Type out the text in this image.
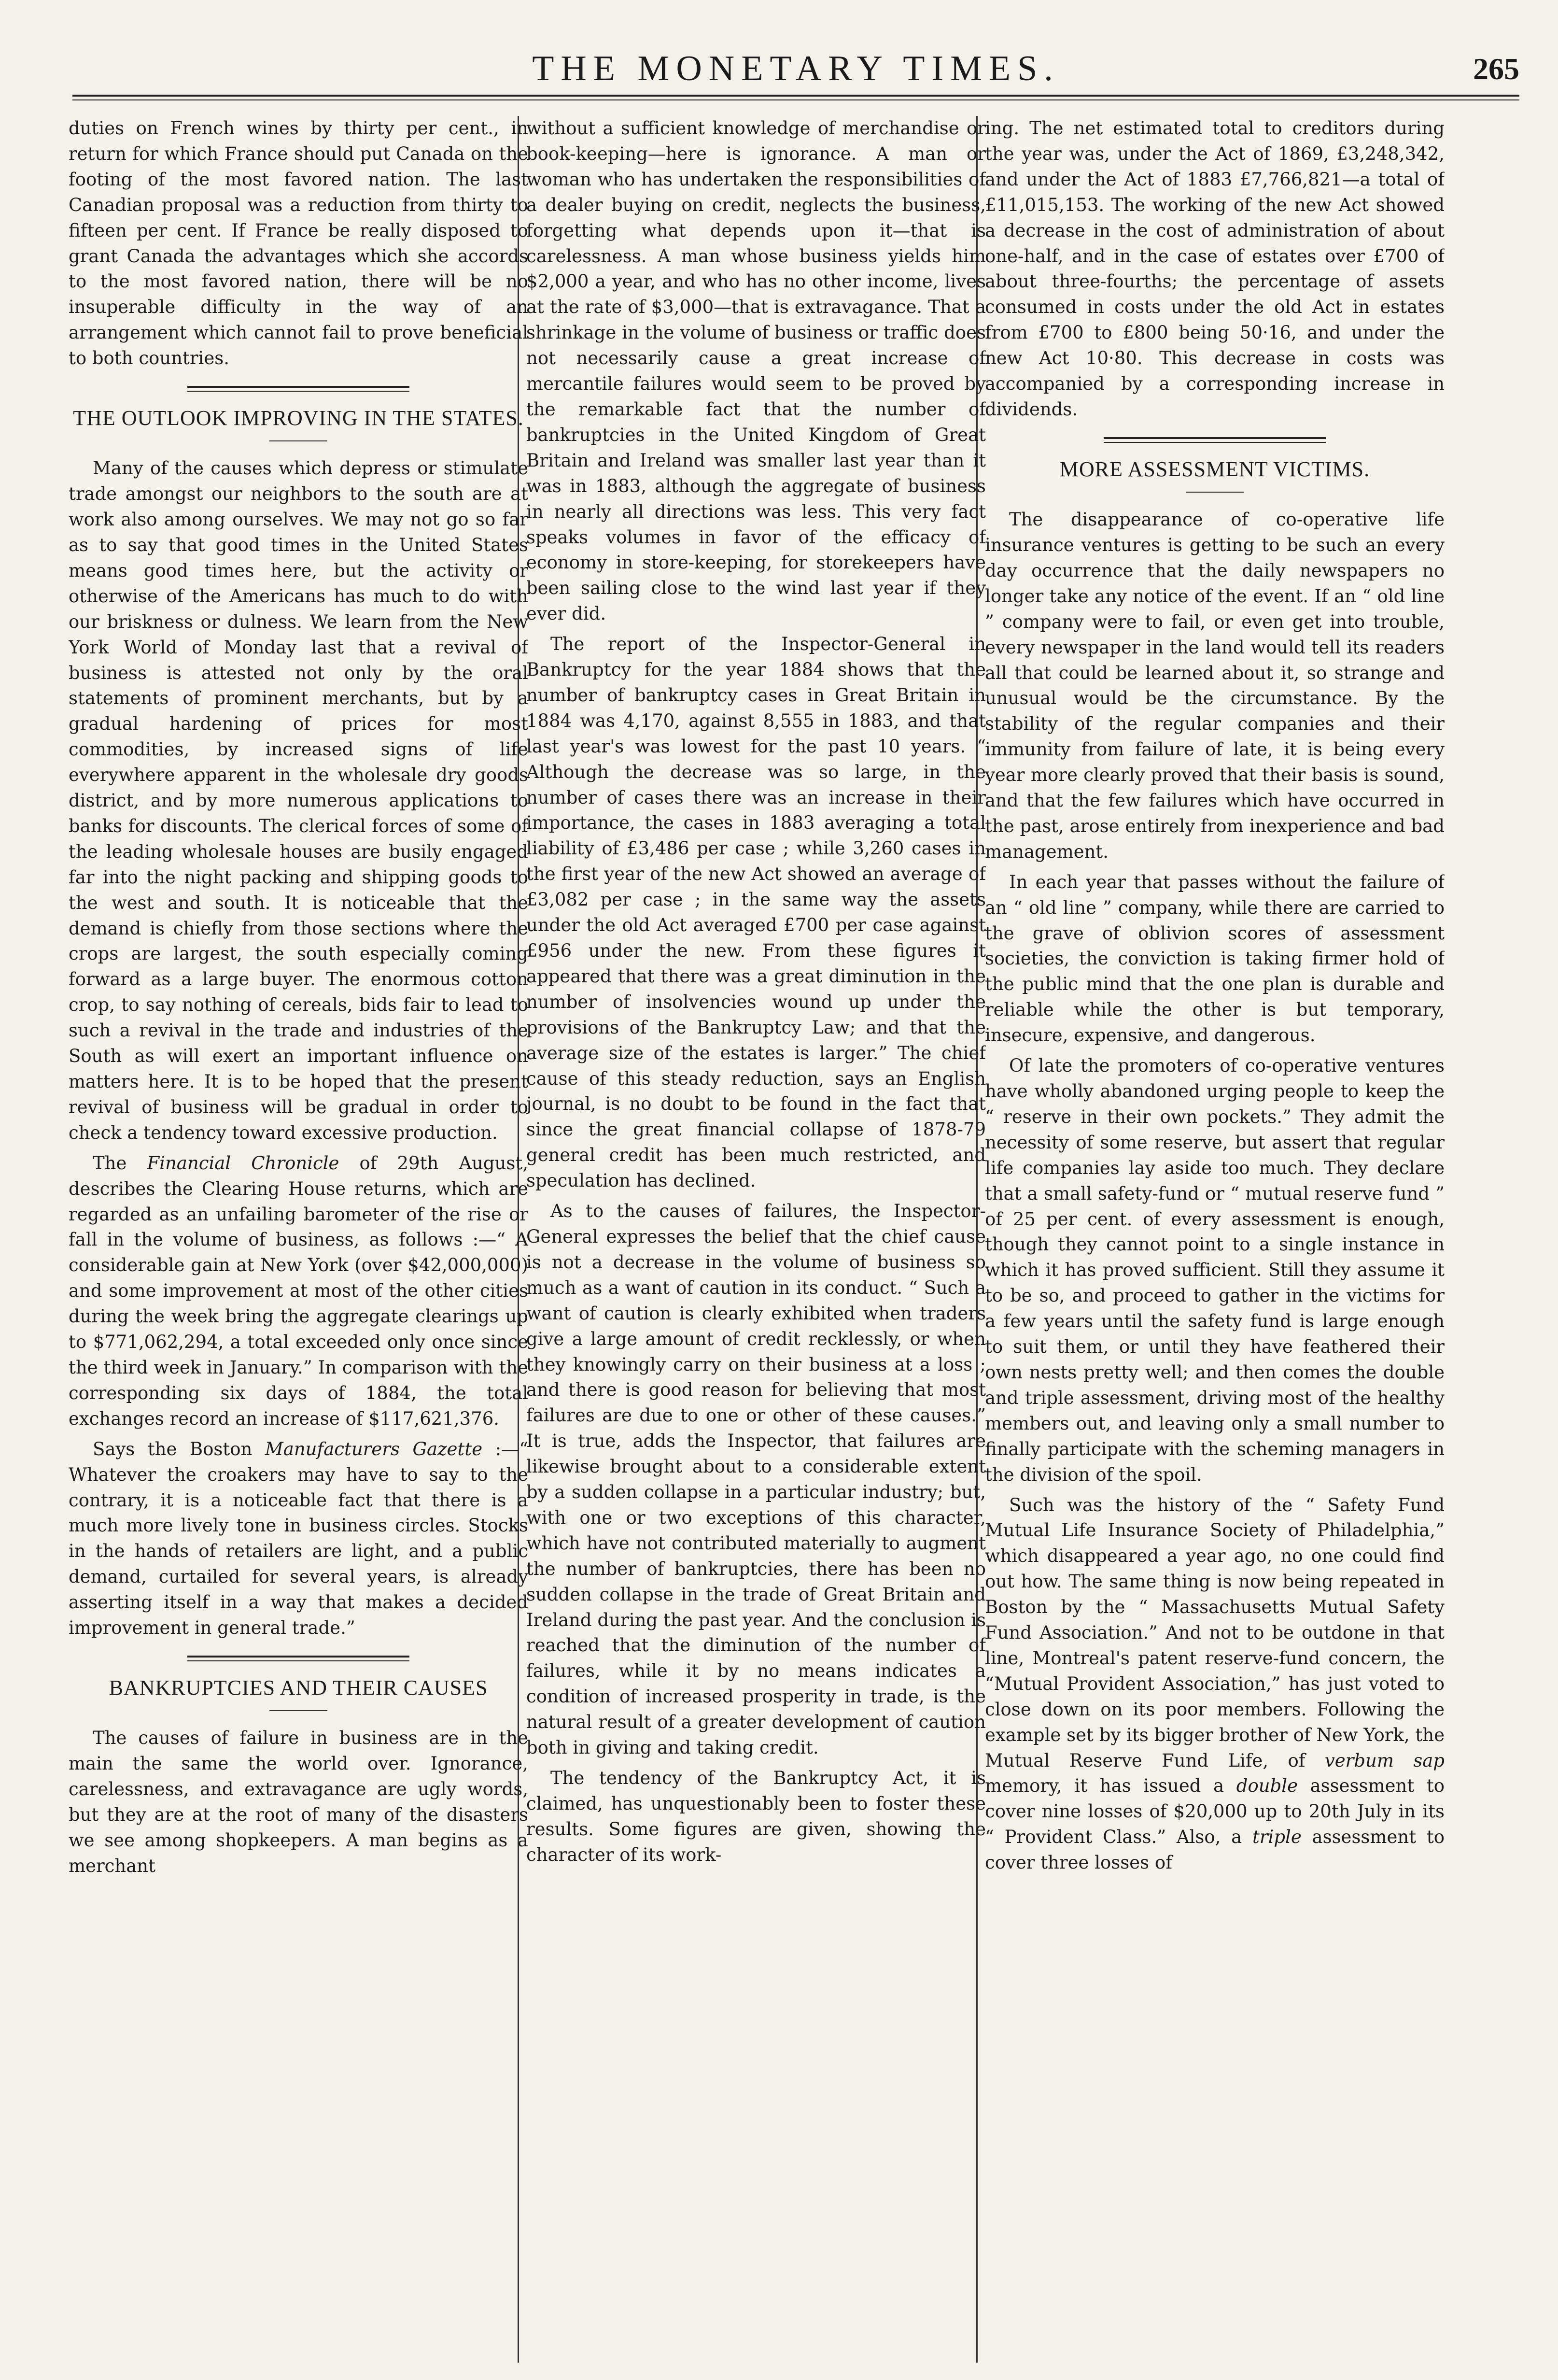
THE MONETARY TIMES.	265

duties on French wines by thirty per cent., in return for which France should put Canada on the footing of the most favored nation. The last Canadian proposal was a reduction from thirty to fifteen per cent. If France be really disposed to grant Canada the advantages which she accords to the most favored nation, there will be no insuperable difficulty in the way of an arrangement which cannot fail to prove beneficial to both countries.

THE OUTLOOK IMPROVING IN THE STATES.

Many of the causes which depress or stimulate trade amongst our neighbors to the south are at work also among ourselves. We may not go so far as to say that good times in the United States means good times here, but the activity or otherwise of the Americans has much to do with our briskness or dulness. We learn from the New York World of Monday last that a revival of business is attested not only by the oral statements of prominent merchants, but by a gradual hardening of prices for most commodities, by increased signs of life everywhere apparent in the wholesale dry goods district, and by more numerous applications to banks for discounts. The clerical forces of some of the leading wholesale houses are busily engaged far into the night packing and shipping goods to the west and south. It is noticeable that the demand is chiefly from those sections where the crops are largest, the south especially coming forward as a large buyer. The enormous cotton crop, to say nothing of cereals, bids fair to lead to such a revival in the trade and industries of the South as will exert an important influence on matters here. It is to be hoped that the present revival of business will be gradual in order to check a tendency toward excessive production.

The Financial Chronicle of 29th August, describes the Clearing House returns, which are regarded as an unfailing barometer of the rise or fall in the volume of business, as follows :—“ A considerable gain at New York (over $42,000,000) and some improvement at most of the other cities during the week bring the aggregate clearings up to $771,062,294, a total exceeded only once since the third week in January.” In comparison with the corresponding six days of 1884, the total exchanges record an increase of $117,621,376.

Says the Boston Manufacturers Gazette :—“ Whatever the croakers may have to say to the contrary, it is a noticeable fact that there is a much more lively tone in business circles. Stocks in the hands of retailers are light, and a public demand, curtailed for several years, is already asserting itself in a way that makes a decided improvement in general trade.”

BANKRUPTCIES AND THEIR CAUSES

The causes of failure in business are in the main the same the world over. Ignorance, carelessness, and extravagance are ugly words, but they are at the root of many of the disasters we see among shopkeepers. A man begins as a merchant

without a sufficient knowledge of merchandise or book-keeping—here is ignorance. A man or woman who has undertaken the responsibilities of a dealer buying on credit, neglects the business, forgetting what depends upon it—that is carelessness. A man whose business yields him $2,000 a year, and who has no other income, lives at the rate of $3,000—that is extravagance. That a shrinkage in the volume of business or traffic does not necessarily cause a great increase of mercantile failures would seem to be proved by the remarkable fact that the number of bankruptcies in the United Kingdom of Great Britain and Ireland was smaller last year than it was in 1883, although the aggregate of business in nearly all directions was less. This very fact speaks volumes in favor of the efficacy of economy in store-keeping, for storekeepers have been sailing close to the wind last year if they ever did.

The report of the Inspector-General in Bankruptcy for the year 1884 shows that the number of bankruptcy cases in Great Britain in 1884 was 4,170, against 8,555 in 1883, and that last year's was lowest for the past 10 years. “ Although the decrease was so large, in the number of cases there was an increase in their importance, the cases in 1883 averaging a total liability of £3,486 per case ; while 3,260 cases in the first year of the new Act showed an average of £3,082 per case ; in the same way the assets under the old Act averaged £700 per case against £956 under the new. From these figures it appeared that there was a great diminution in the number of insolvencies wound up under the provisions of the Bankruptcy Law; and that the average size of the estates is larger.” The chief cause of this steady reduction, says an English journal, is no doubt to be found in the fact that since the great financial collapse of 1878-79 general credit has been much restricted, and speculation has declined.

As to the causes of failures, the Inspector-General expresses the belief that the chief cause is not a decrease in the volume of business so much as a want of caution in its conduct. “ Such a want of caution is clearly exhibited when traders give a large amount of credit recklessly, or when they knowingly carry on their business at a loss ; and there is good reason for believing that most failures are due to one or other of these causes.” It is true, adds the Inspector, that failures are likewise brought about to a considerable extent by a sudden collapse in a particular industry; but, with one or two exceptions of this character, which have not contributed materially to augment the number of bankruptcies, there has been no sudden collapse in the trade of Great Britain and Ireland during the past year. And the conclusion is reached that the diminution of the number of failures, while it by no means indicates a condition of increased prosperity in trade, is the natural result of a greater development of caution both in giving and taking credit.

The tendency of the Bankruptcy Act, it is claimed, has unquestionably been to foster these results. Some figures are given, showing the character of its work-

ing. The net estimated total to creditors during the year was, under the Act of 1869, £3,248,342, and under the Act of 1883 £7,766,821—a total of £11,015,153. The working of the new Act showed a decrease in the cost of administration of about one-half, and in the case of estates over £700 of about three-fourths; the percentage of assets consumed in costs under the old Act in estates from £700 to £800 being 50·16, and under the new Act 10·80. This decrease in costs was accompanied by a corresponding increase in dividends.

MORE ASSESSMENT VICTIMS.

The disappearance of co-operative life insurance ventures is getting to be such an every day occurrence that the daily newspapers no longer take any notice of the event. If an “ old line ” company were to fail, or even get into trouble, every newspaper in the land would tell its readers all that could be learned about it, so strange and unusual would be the circumstance. By the stability of the regular companies and their immunity from failure of late, it is being every year more clearly proved that their basis is sound, and that the few failures which have occurred in the past, arose entirely from inexperience and bad management.

In each year that passes without the failure of an “ old line ” company, while there are carried to the grave of oblivion scores of assessment societies, the conviction is taking firmer hold of the public mind that the one plan is durable and reliable while the other is but temporary, insecure, expensive, and dangerous.

Of late the promoters of co-operative ventures have wholly abandoned urging people to keep the “ reserve in their own pockets.” They admit the necessity of some reserve, but assert that regular life companies lay aside too much. They declare that a small safety-fund or “ mutual reserve fund ” of 25 per cent. of every assessment is enough, though they cannot point to a single instance in which it has proved sufficient. Still they assume it to be so, and proceed to gather in the victims for a few years until the safety fund is large enough to suit them, or until they have feathered their own nests pretty well; and then comes the double and triple assessment, driving most of the healthy members out, and leaving only a small number to finally participate with the scheming managers in the division of the spoil.

Such was the history of the “ Safety Fund Mutual Life Insurance Society of Philadelphia,” which disappeared a year ago, no one could find out how. The same thing is now being repeated in Boston by the “ Massachusetts Mutual Safety Fund Association.” And not to be outdone in that line, Montreal's patent reserve-fund concern, the “Mutual Provident Association,” has just voted to close down on its poor members. Following the example set by its bigger brother of New York, the Mutual Reserve Fund Life, of verbum sap memory, it has issued a double assessment to cover nine losses of $20,000 up to 20th July in its “ Provident Class.” Also, a triple assessment to cover three losses of
